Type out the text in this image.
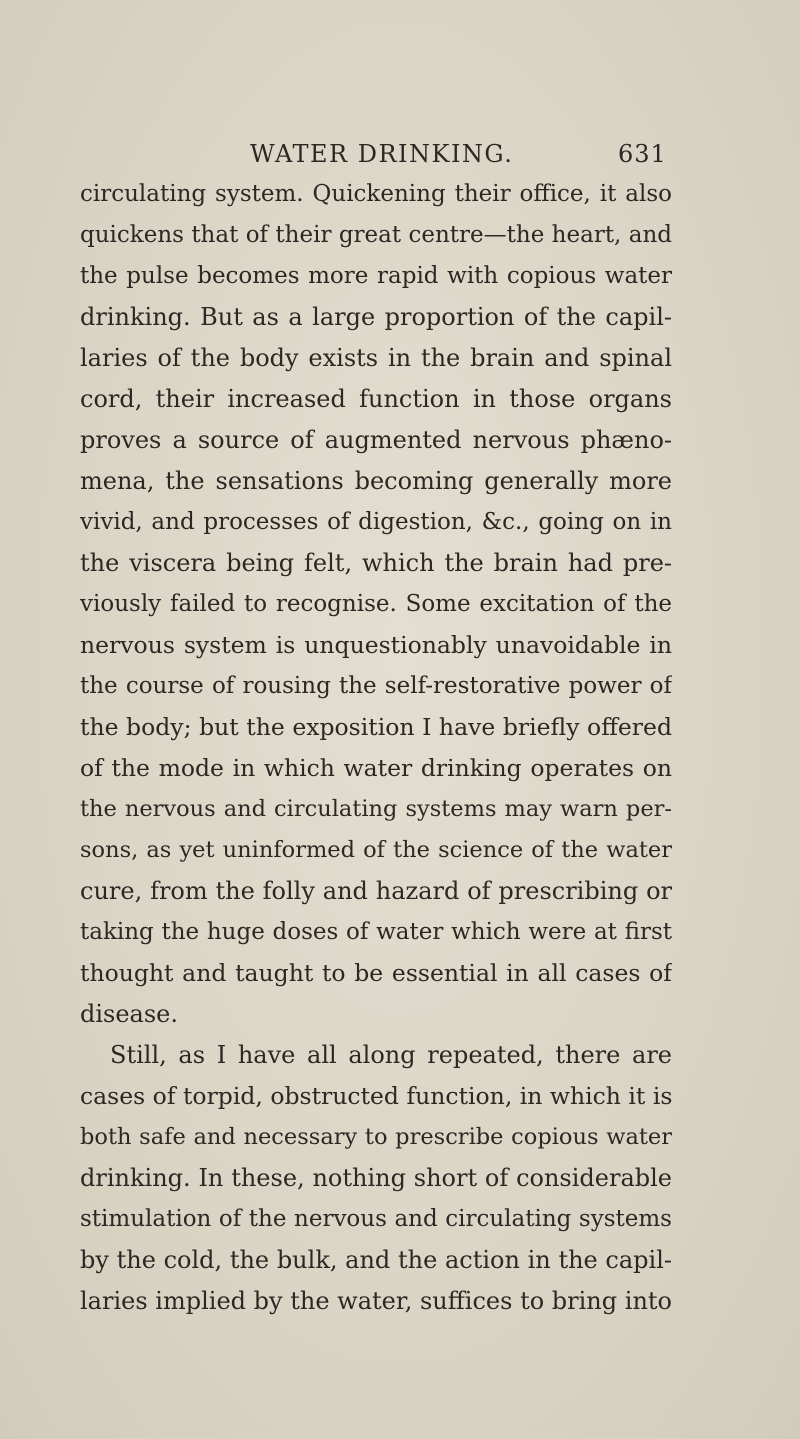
WATER DRINKING.	631
circulating system. Quickening their office, it also
quickens that of their great centre—the heart, and
the pulse becomes more rapid with copious water
drinking. But as a large proportion of the capil-
laries of the body exists in the brain and spinal
cord, their increased function in those organs
proves a source of augmented nervous phæno-
mena, the sensations becoming generally more
vivid, and processes of digestion, &c., going on in
the viscera being felt, which the brain had pre-
viously failed to recognise. Some excitation of the
nervous system is unquestionably unavoidable in
the course of rousing the self-restorative power of
the body; but the exposition I have briefly offered
of the mode in which water drinking operates on
the nervous and circulating systems may warn per-
sons, as yet uninformed of the science of the water
cure, from the folly and hazard of prescribing or
taking the huge doses of water which were at first
thought and taught to be essential in all cases of
disease.
Still, as I have all along repeated, there are
cases of torpid, obstructed function, in which it is
both safe and necessary to prescribe copious water
drinking. In these, nothing short of considerable
stimulation of the nervous and circulating systems
by the cold, the bulk, and the action in the capil-
laries implied by the water, suffices to bring into
